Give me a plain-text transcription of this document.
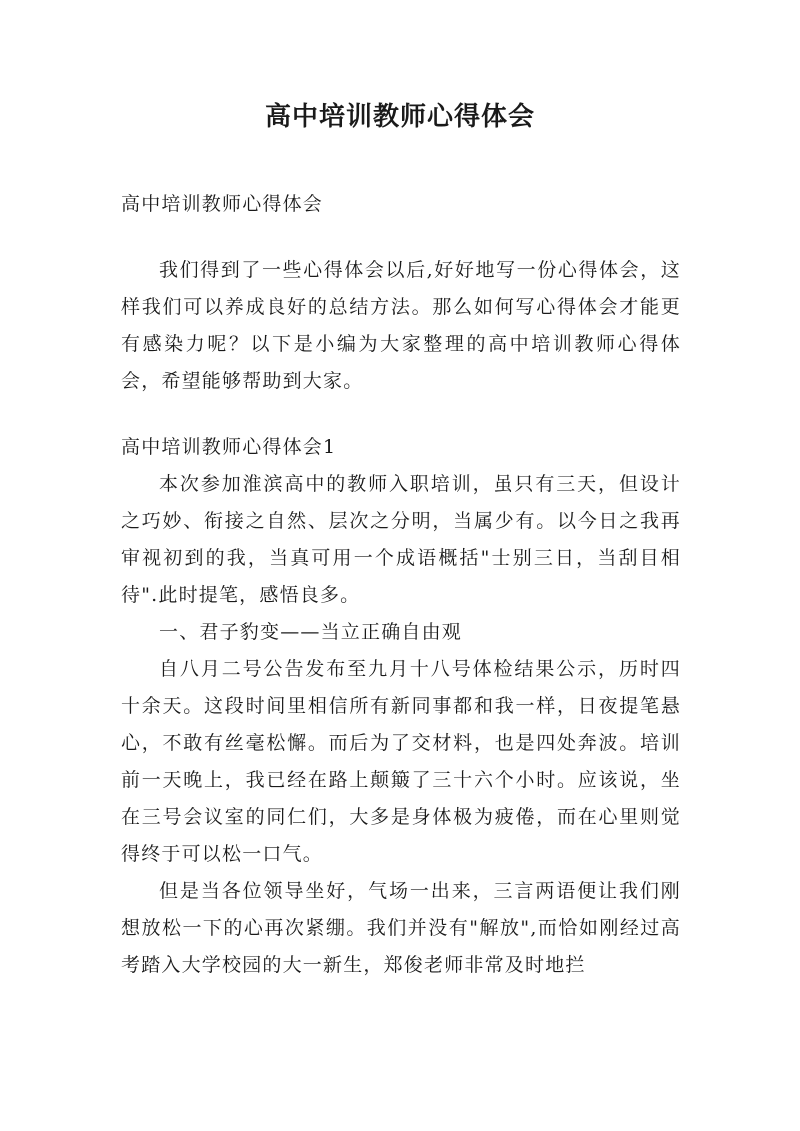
高中培训教师心得体会

高中培训教师心得体会

我们得到了一些心得体会以后,好好地写一份心得体会，这样我们可以养成良好的总结方法。那么如何写心得体会才能更有感染力呢？以下是小编为大家整理的高中培训教师心得体会，希望能够帮助到大家。

高中培训教师心得体会1

本次参加淮滨高中的教师入职培训，虽只有三天，但设计之巧妙、衔接之自然、层次之分明，当属少有。以今日之我再审视初到的我，当真可用一个成语概括"士别三日，当刮目相待".此时提笔，感悟良多。

一、君子豹变——当立正确自由观

自八月二号公告发布至九月十八号体检结果公示，历时四十余天。这段时间里相信所有新同事都和我一样，日夜提笔悬心，不敢有丝毫松懈。而后为了交材料，也是四处奔波。培训前一天晚上，我已经在路上颠簸了三十六个小时。应该说，坐在三号会议室的同仁们，大多是身体极为疲倦，而在心里则觉得终于可以松一口气。

但是当各位领导坐好，气场一出来，三言两语便让我们刚想放松一下的心再次紧绷。我们并没有"解放",而恰如刚经过高考踏入大学校园的大一新生，郑俊老师非常及时地拦
